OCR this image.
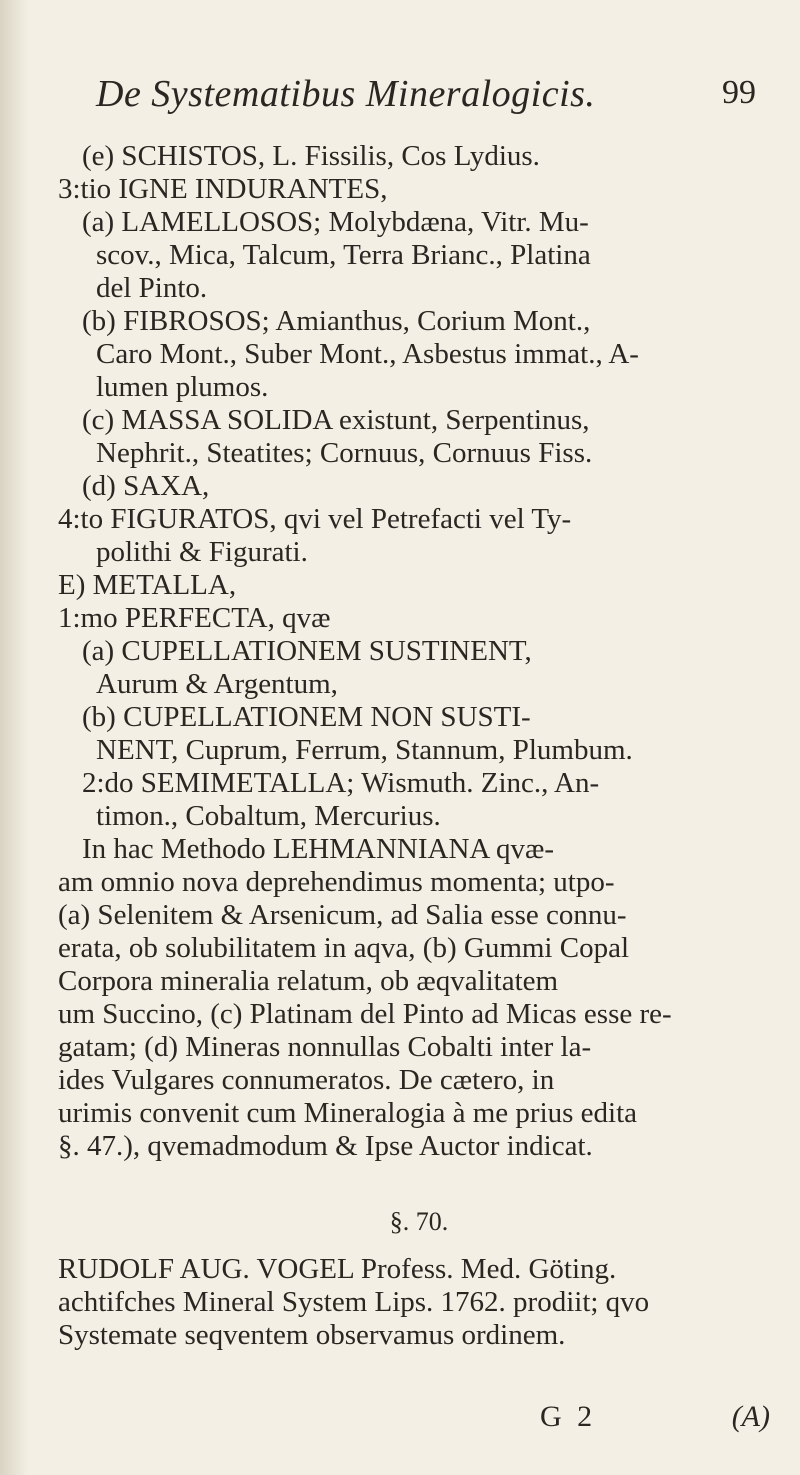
De Systematibus Mineralogicis.	99
(e) SCHISTOS, L. Fissilis, Cos Lydius.
3:tio IGNE INDURANTES,
(a) LAMELLOSOS; Molybdæna, Vitr. Mu-
scov., Mica, Talcum, Terra Brianc., Platina
del Pinto.
(b) FIBROSOS; Amianthus, Corium Mont.,
Caro Mont., Suber Mont., Asbestus immat., A-
lumen plumos.
(c) MASSA SOLIDA existunt, Serpentinus,
Nephrit., Steatites; Cornuus, Cornuus Fiss.
(d) SAXA,
4:to FIGURATOS, qvi vel Petrefacti vel Ty-
polithi & Figurati.
E) METALLA,
1:mo PERFECTA, qvæ
(a) CUPELLATIONEM SUSTINENT,
Aurum & Argentum,
(b) CUPELLATIONEM NON SUSTI-
NENT, Cuprum, Ferrum, Stannum, Plumbum.
2:do SEMIMETALLA; Wismuth. Zinc., An-
timon., Cobaltum, Mercurius.
In hac Methodo LEHMANNIANA qvæ-
am omnio nova deprehendimus momenta; utpo-
(a) Selenitem & Arsenicum, ad Salia esse connu-
erata, ob solubilitatem in aqva, (b) Gummi Copal
Corpora mineralia relatum, ob æqvalitatem
um Succino, (c) Platinam del Pinto ad Micas esse re-
gatam; (d) Mineras nonnullas Cobalti inter la-
ides Vulgares connumeratos. De cætero, in
urimis convenit cum Mineralogia à me prius edita
§. 47.), qvemadmodum & Ipse Auctor indicat.
§. 70.
RUDOLF AUG. VOGEL Profess. Med. Göting.
achtifches Mineral System Lips. 1762. prodiit; qvo
Systemate seqventem observamus ordinem.
G 2	(A)
